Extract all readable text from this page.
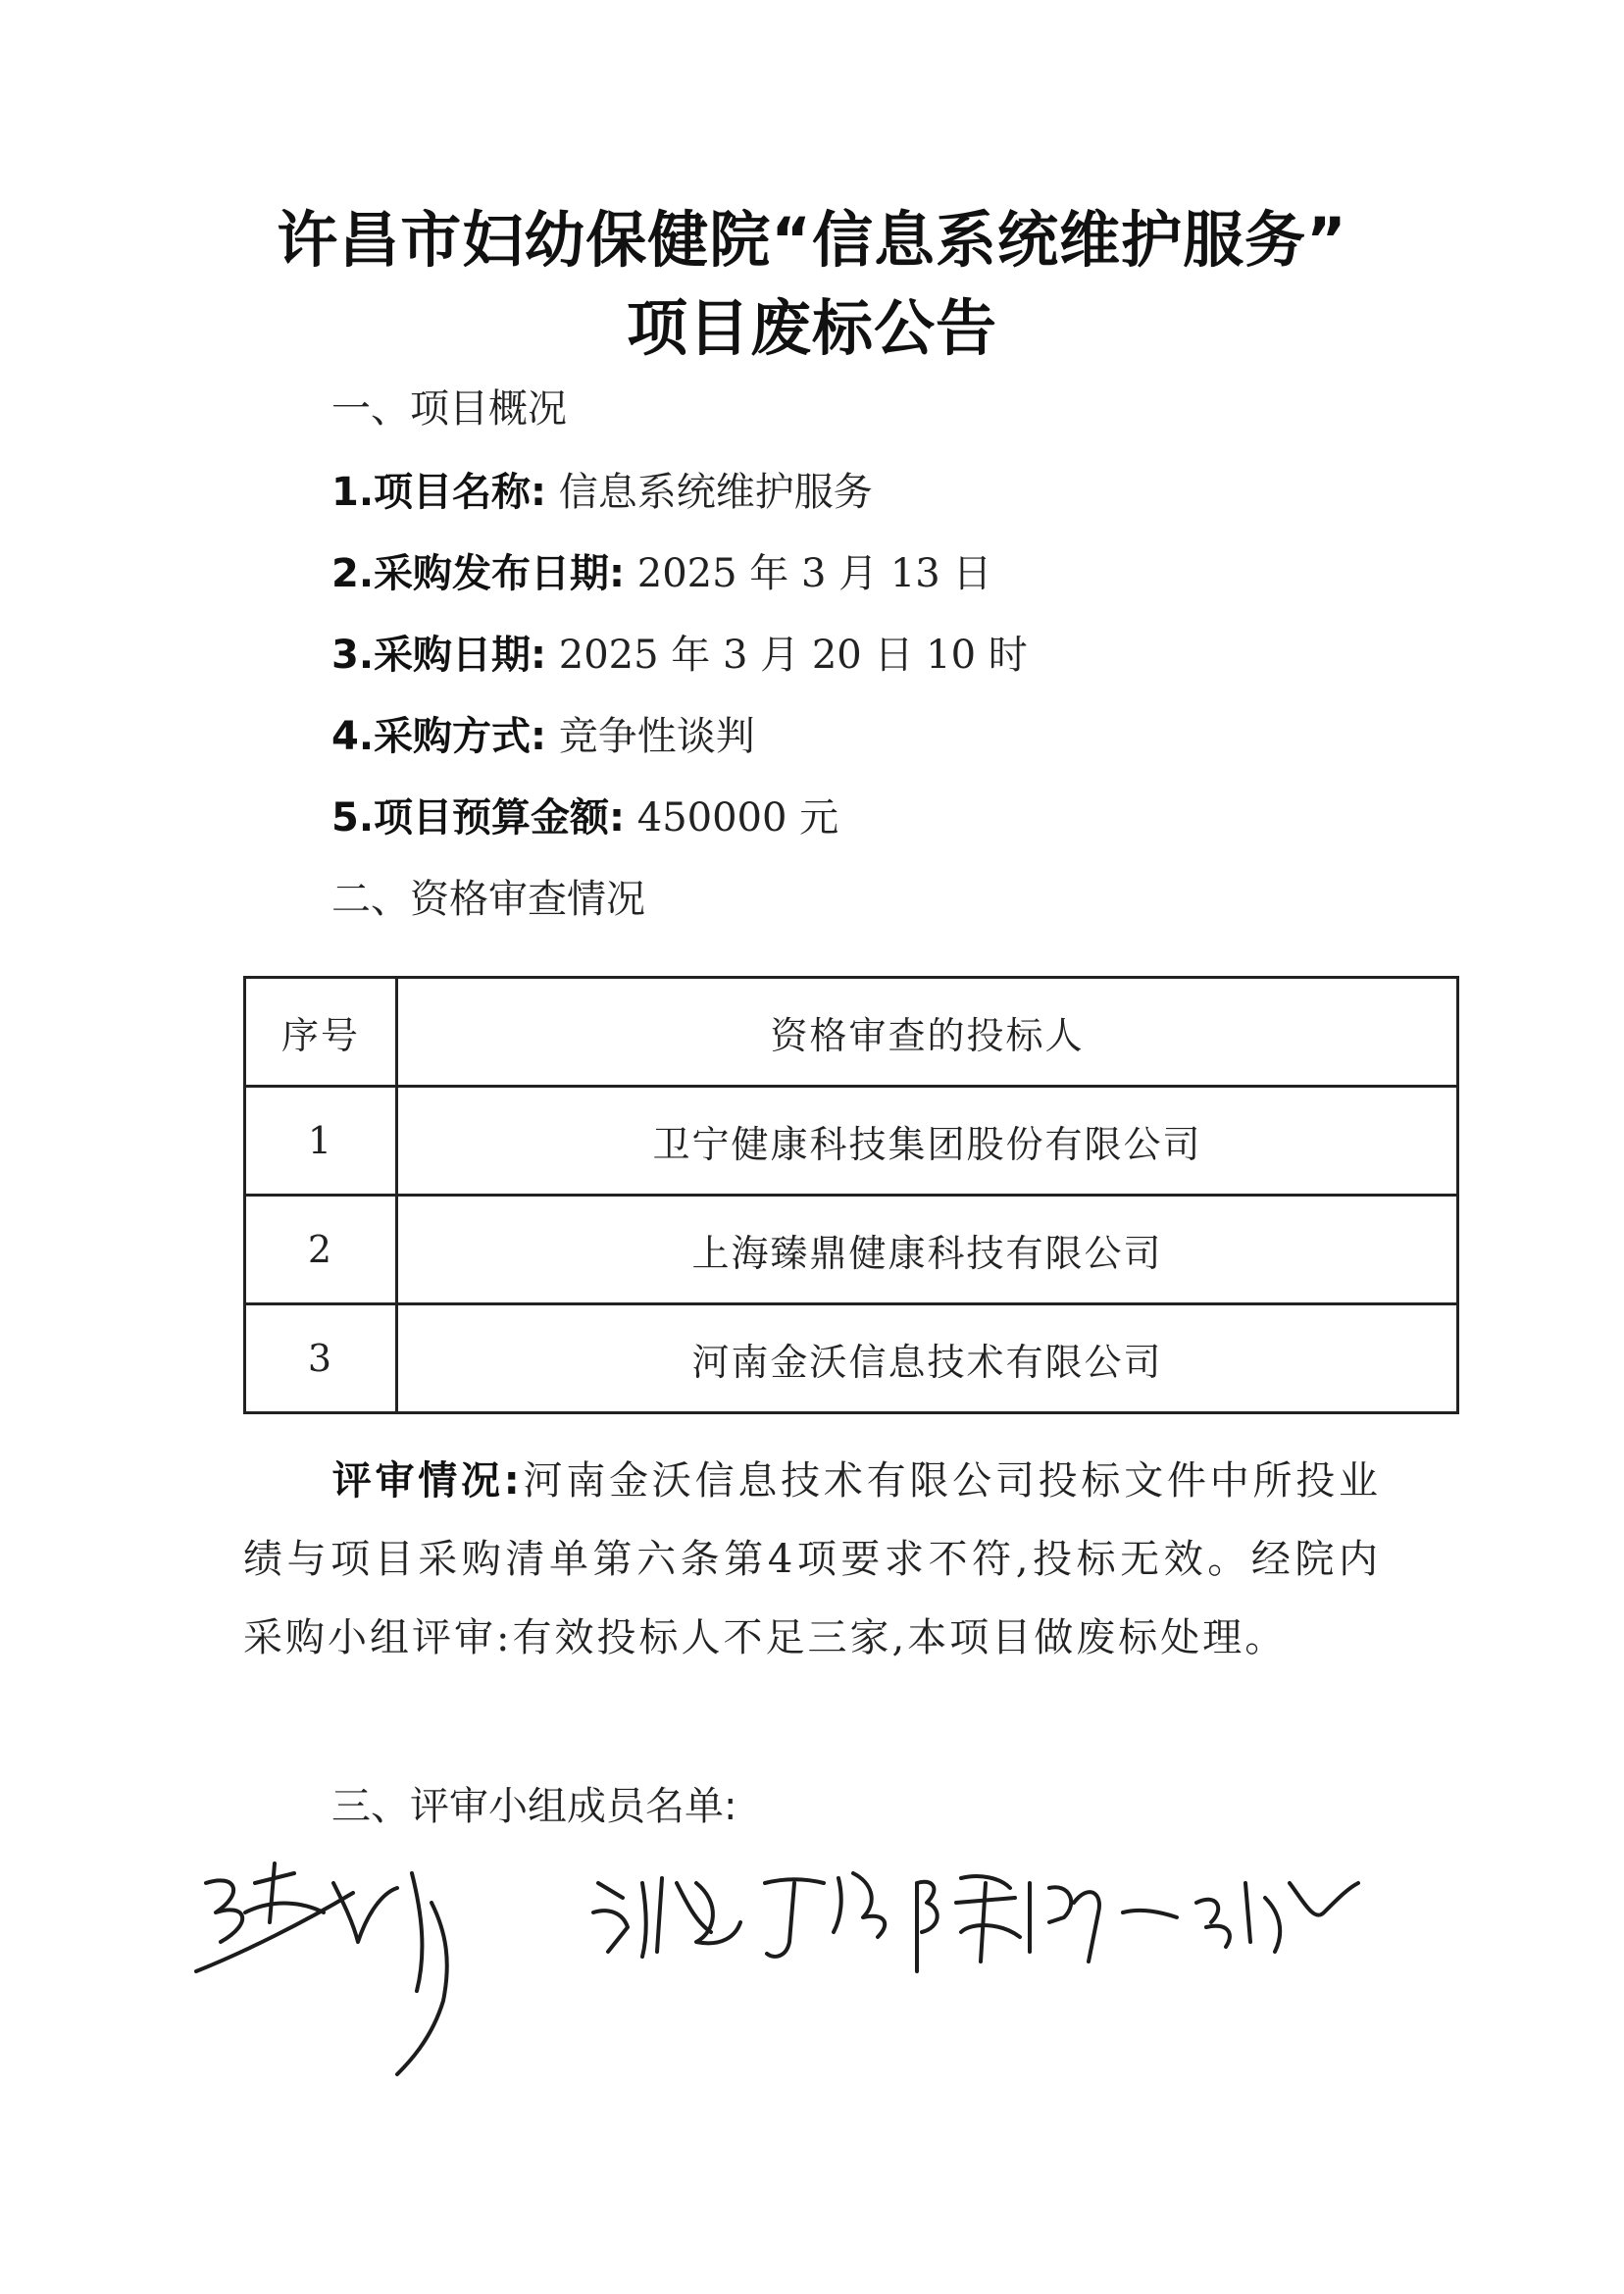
许昌市妇幼保健院“信息系统维护服务”
项目废标公告
一、项目概况
1.项目名称: 信息系统维护服务
2.采购发布日期: 2025 年 3 月 13 日
3.采购日期: 2025 年 3 月 20 日 10 时
4.采购方式: 竞争性谈判
5.项目预算金额: 450000 元
二、资格审查情况
序号	资格审查的投标人
1	卫宁健康科技集团股份有限公司
2	上海臻鼎健康科技有限公司
3	河南金沃信息技术有限公司
评审情况:河南金沃信息技术有限公司投标文件中所投业绩与项目采购清单第六条第4项要求不符,投标无效。经院内采购小组评审:有效投标人不足三家,本项目做废标处理。
三、评审小组成员名单:
